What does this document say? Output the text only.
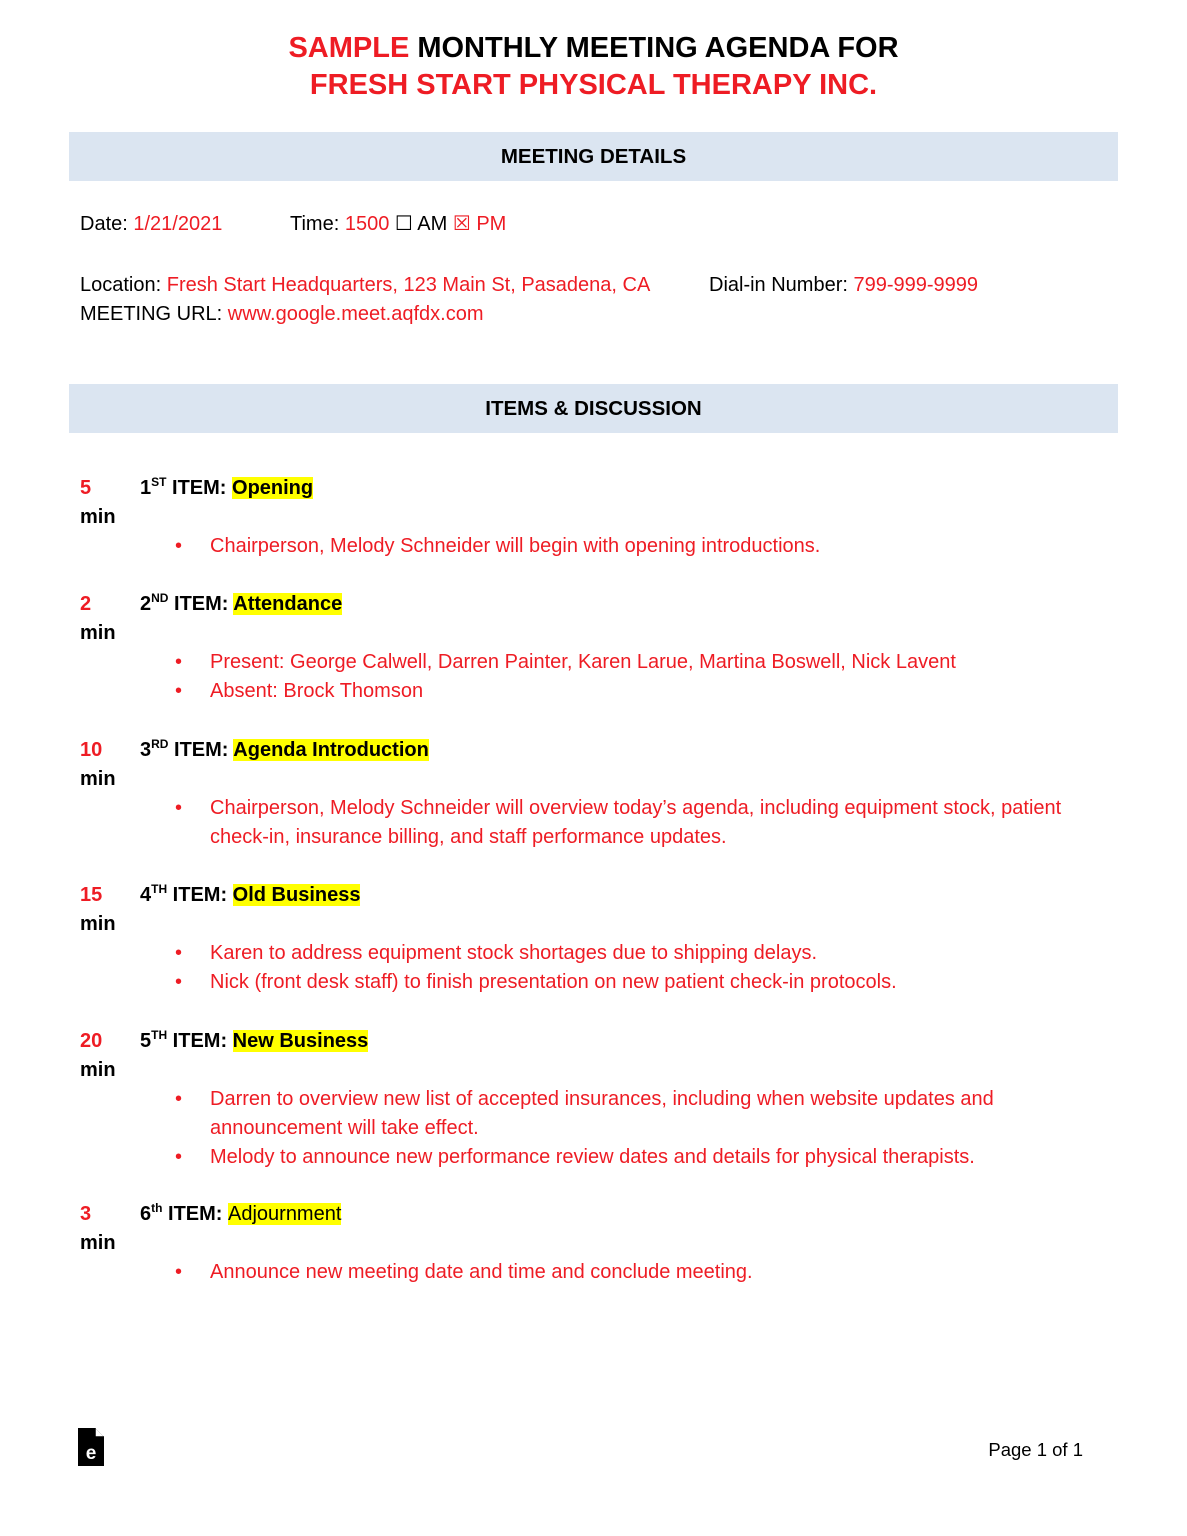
SAMPLE MONTHLY MEETING AGENDA FOR
FRESH START PHYSICAL THERAPY INC.
MEETING DETAILS
Date: 1/21/2021	Time: 1500 ☐ AM ☒ PM
Location: Fresh Start Headquarters, 123 Main St, Pasadena, CA	Dial-in Number: 799-999-9999
MEETING URL: www.google.meet.aqfdx.com
ITEMS & DISCUSSION
5
min
1ST ITEM: Opening
• Chairperson, Melody Schneider will begin with opening introductions.
2
min
2ND ITEM: Attendance
• Present: George Calwell, Darren Painter, Karen Larue, Martina Boswell, Nick Lavent
• Absent: Brock Thomson
10
min
3RD ITEM: Agenda Introduction
• Chairperson, Melody Schneider will overview today’s agenda, including equipment stock, patient check-in, insurance billing, and staff performance updates.
15
min
4TH ITEM: Old Business
• Karen to address equipment stock shortages due to shipping delays.
• Nick (front desk staff) to finish presentation on new patient check-in protocols.
20
min
5TH ITEM: New Business
• Darren to overview new list of accepted insurances, including when website updates and announcement will take effect.
• Melody to announce new performance review dates and details for physical therapists.
3
min
6th ITEM: Adjournment
• Announce new meeting date and time and conclude meeting.
e	Page 1 of 1
